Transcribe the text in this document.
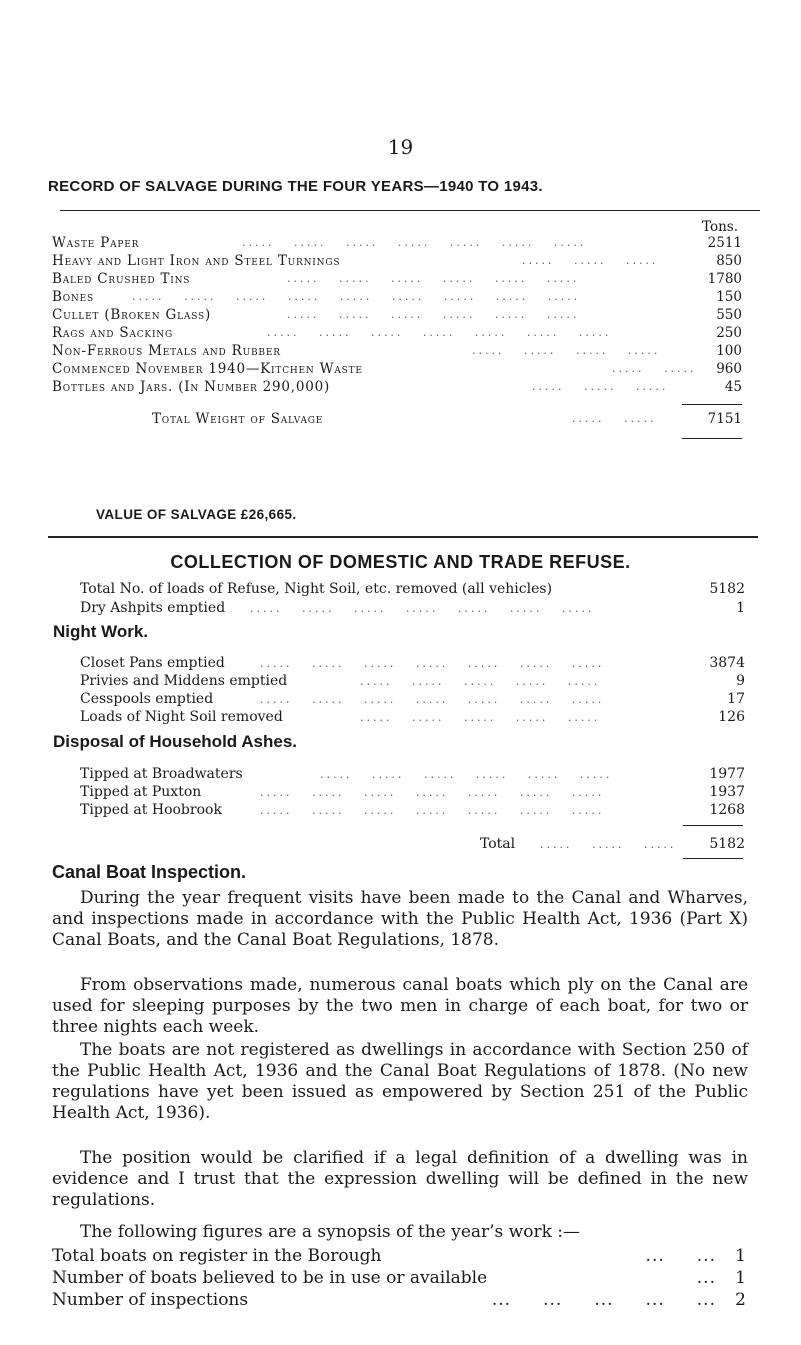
19
RECORD OF SALVAGE DURING THE FOUR YEARS—1940 TO 1943.
Tons.
Waste Paper	.....   .....   .....   .....   .....   .....   .....	2511
Heavy and Light Iron and Steel Turnings	.....   .....   .....	850
Baled Crushed Tins	.....   .....   .....   .....   .....   .....	1780
Bones	.....   .....   .....   .....   .....   .....   .....   .....   .....	150
Cullet (Broken Glass)	.....   .....   .....   .....   .....   .....	550
Rags and Sacking	.....   .....   .....   .....   .....   .....   .....	250
Non-Ferrous Metals and Rubber	.....   .....   .....   .....	100
Commenced November 1940—Kitchen Waste	.....   ..... 960
Bottles and Jars. (In Number 290,000)	.....   .....   .....	45
Total Weight of Salvage	.....   .....	7151
VALUE OF SALVAGE £26,665.
COLLECTION OF DOMESTIC AND TRADE REFUSE.
Total No. of loads of Refuse, Night Soil, etc. removed (all vehicles)	5182
Dry Ashpits emptied .....   .....   .....   .....   .....   .....   .....	1
Night Work.
Closet Pans emptied	.....   .....   .....   .....   .....   .....   .....	3874
Privies and Middens emptied	.....   .....   .....   .....   .....	9
Cesspools emptied	.....   .....   .....   .....   .....   .....   .....	17
Loads of Night Soil removed	.....   .....   .....   .....   .....	126
Disposal of Household Ashes.
Tipped at Broadwaters	.....   .....   .....   .....   .....   .....	1977
Tipped at Puxton	.....   .....   .....   .....   .....   .....   .....	1937
Tipped at Hoobrook	.....   .....   .....   .....   .....   .....   .....	1268
Total .....   .....   ..... 5182
Canal Boat Inspection.
During the year frequent visits have been made to the Canal and Wharves, and inspections made in accordance with the Public Health Act, 1936 (Part X) Canal Boats, and the Canal Boat Regulations, 1878.
From observations made, numerous canal boats which ply on the Canal are used for sleeping purposes by the two men in charge of each boat, for two or three nights each week.
The boats are not registered as dwellings in accordance with Section 250 of the Public Health Act, 1936 and the Canal Boat Regulations of 1878. (No new regulations have yet been issued as empowered by Section 251 of the Public Health Act, 1936).
The position would be clarified if a legal definition of a dwelling was in evidence and I trust that the expression dwelling will be defined in the new regulations.
The following figures are a synopsis of the year’s work :—
Total boats on register in the Borough	...     ... 1
Number of boats believed to be in use or available	... 1
Number of inspections	...     ...     ...     ...     ... 2
